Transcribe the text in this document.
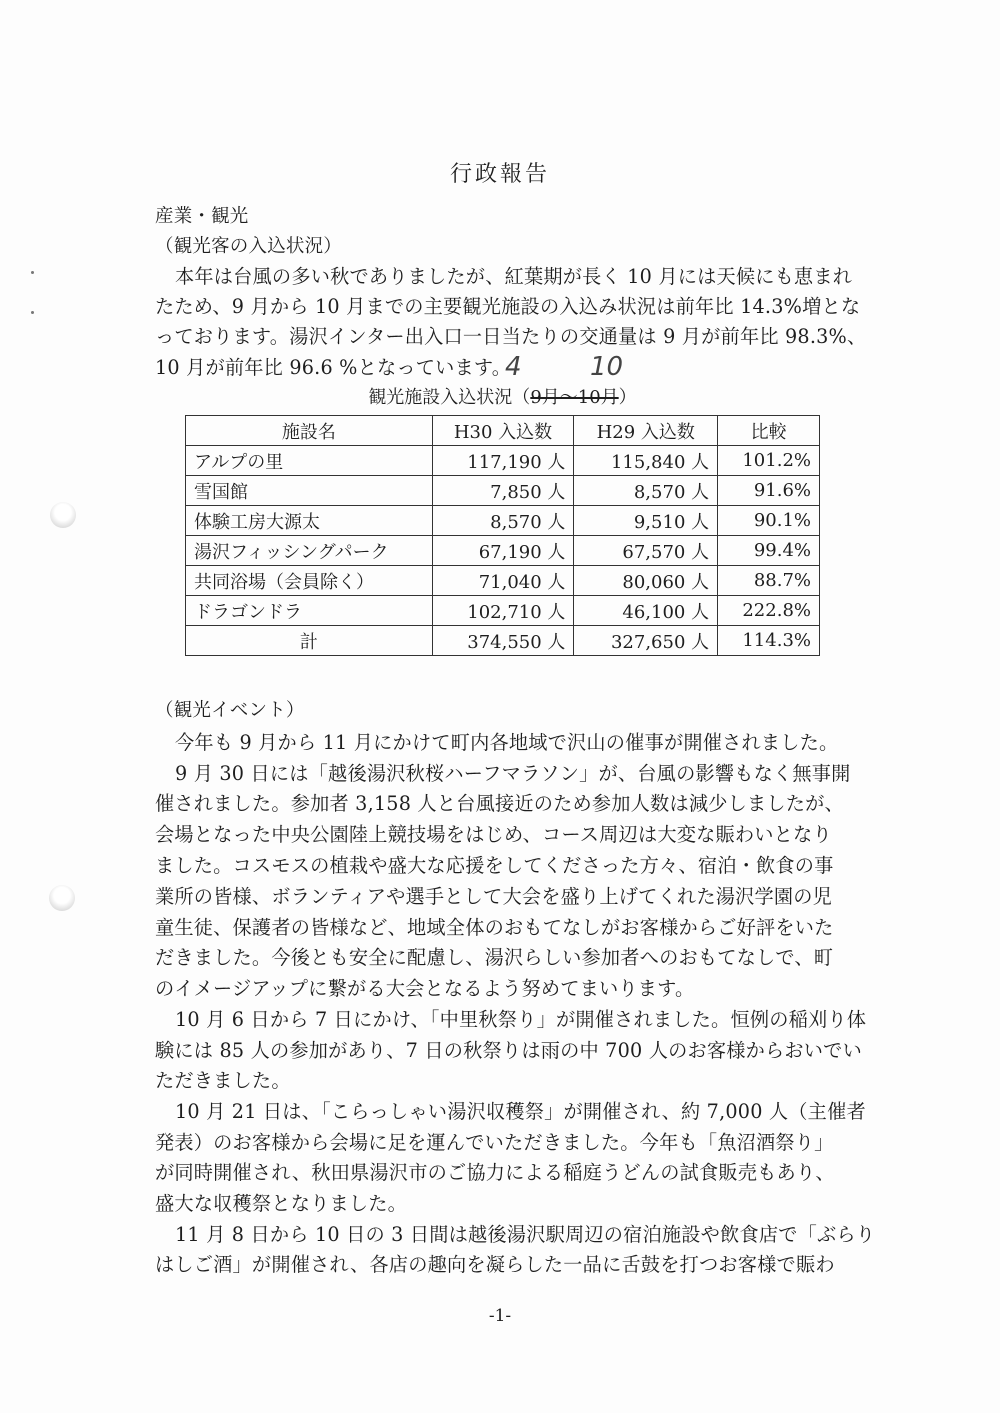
行政報告
産業・観光
（観光客の入込状況）
本年は台風の多い秋でありましたが、紅葉期が長く 10 月には天候にも恵まれ
たため、9 月から 10 月までの主要観光施設の入込み状況は前年比 14.3%増とな
っております。湯沢インター出入口一日当たりの交通量は 9 月が前年比 98.3%、
10 月が前年比 96.6 %となっています。
4	10
観光施設入込状況（9月〜10月）
施設名	H30 入込数	H29 入込数	比較
アルプの里	117,190 人	115,840 人	101.2%
雪国館	7,850 人	8,570 人	91.6%
体験工房大源太	8,570 人	9,510 人	90.1%
湯沢フィッシングパーク	67,190 人	67,570 人	99.4%
共同浴場（会員除く）	71,040 人	80,060 人	88.7%
ドラゴンドラ	102,710 人	46,100 人	222.8%
計	374,550 人	327,650 人	114.3%
（観光イベント）
今年も 9 月から 11 月にかけて町内各地域で沢山の催事が開催されました。
9 月 30 日には「越後湯沢秋桜ハーフマラソン」が、台風の影響もなく無事開
催されました。参加者 3,158 人と台風接近のため参加人数は減少しましたが、
会場となった中央公園陸上競技場をはじめ、コース周辺は大変な賑わいとなり
ました。コスモスの植栽や盛大な応援をしてくださった方々、宿泊・飲食の事
業所の皆様、ボランティアや選手として大会を盛り上げてくれた湯沢学園の児
童生徒、保護者の皆様など、地域全体のおもてなしがお客様からご好評をいた
だきました。今後とも安全に配慮し、湯沢らしい参加者へのおもてなしで、町
のイメージアップに繋がる大会となるよう努めてまいります。
10 月 6 日から 7 日にかけ、「中里秋祭り」が開催されました。恒例の稲刈り体
験には 85 人の参加があり、7 日の秋祭りは雨の中 700 人のお客様からおいでい
ただきました。
10 月 21 日は、「こらっしゃい湯沢収穫祭」が開催され、約 7,000 人（主催者
発表）のお客様から会場に足を運んでいただきました。今年も「魚沼酒祭り」
が同時開催され、秋田県湯沢市のご協力による稲庭うどんの試食販売もあり、
盛大な収穫祭となりました。
11 月 8 日から 10 日の 3 日間は越後湯沢駅周辺の宿泊施設や飲食店で「ぶらり
はしご酒」が開催され、各店の趣向を凝らした一品に舌鼓を打つお客様で賑わ
-1-
